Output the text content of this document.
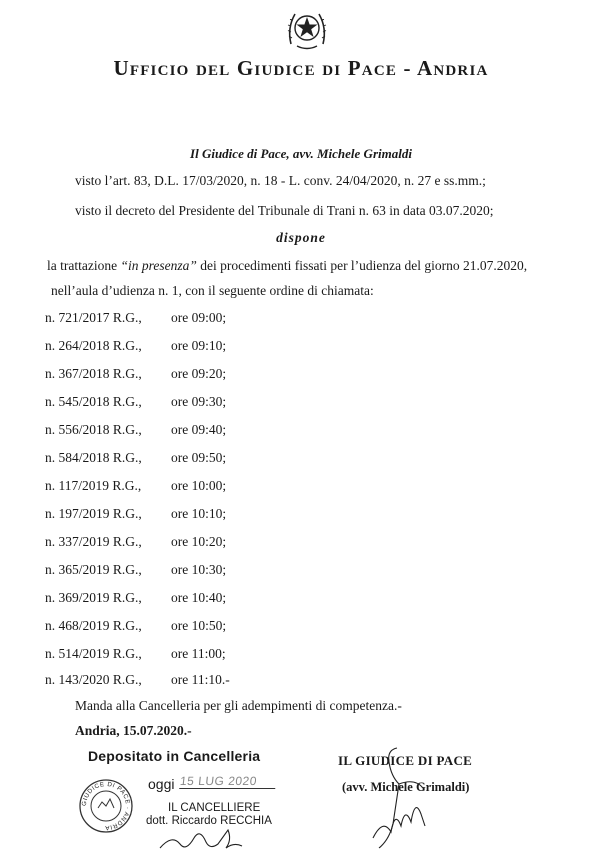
Ufficio del Giudice di Pace - Andria
Il Giudice di Pace, avv. Michele Grimaldi
visto l’art. 83, D.L. 17/03/2020, n. 18 - L. conv. 24/04/2020, n. 27 e ss.mm.;
visto il decreto del Presidente del Tribunale di Trani n. 63 in data 03.07.2020;
dispone
la trattazione “in presenza” dei procedimenti fissati per l’udienza del giorno 21.07.2020,
nell’aula d’udienza n. 1, con il seguente ordine di chiamata:
n. 721/2017 R.G., ore 09:00;
n. 264/2018 R.G., ore 09:10;
n. 367/2018 R.G., ore 09:20;
n. 545/2018 R.G., ore 09:30;
n. 556/2018 R.G., ore 09:40;
n. 584/2018 R.G., ore 09:50;
n. 117/2019 R.G., ore 10:00;
n. 197/2019 R.G., ore 10:10;
n. 337/2019 R.G., ore 10:20;
n. 365/2019 R.G., ore 10:30;
n. 369/2019 R.G., ore 10:40;
n. 468/2019 R.G., ore 10:50;
n. 514/2019 R.G., ore 11:00;
n. 143/2020 R.G., ore 11:10.-
Manda alla Cancelleria per gli adempimenti di competenza.-
Andria, 15.07.2020.-
Depositato in Cancelleria
oggi 15 LUG 2020
GIUDICE DI PACE · ANDRIA
IL CANCELLIERE
dott. Riccardo RECCHIA
IL GIUDICE DI PACE
(avv. Michele Grimaldi)
